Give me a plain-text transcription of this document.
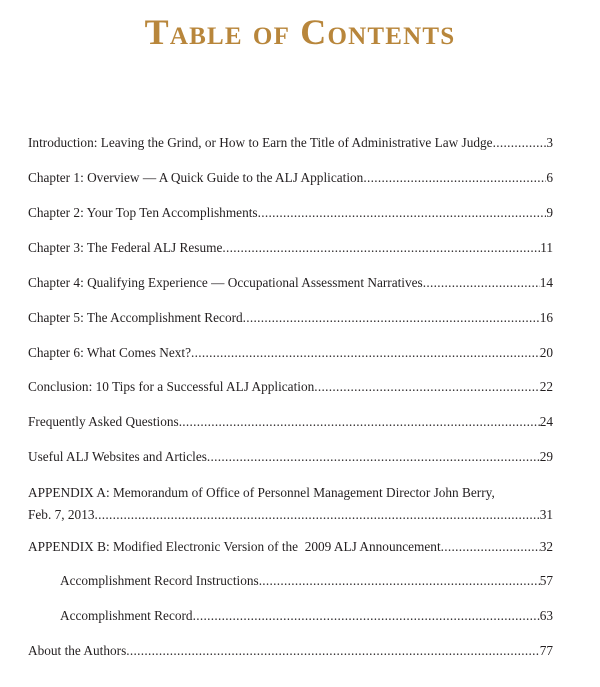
Table of Contents
Introduction: Leaving the Grind, or How to Earn the Title of Administrative Law Judge .....	3
Chapter 1: Overview — A Quick Guide to the ALJ Application .....	6
Chapter 2: Your Top Ten Accomplishments .....	9
Chapter 3: The Federal ALJ Resume .....	11
Chapter 4: Qualifying Experience — Occupational Assessment Narratives .....	14
Chapter 5: The Accomplishment Record .....	16
Chapter 6: What Comes Next? .....	20
Conclusion: 10 Tips for a Successful ALJ Application .....	22
Frequently Asked Questions .....	24
Useful ALJ Websites and Articles .....	29
APPENDIX A: Memorandum of Office of Personnel Management Director John Berry,
Feb. 7, 2013 .....	31
APPENDIX B: Modified Electronic Version of the  2009 ALJ Announcement .....	32
Accomplishment Record Instructions .....	57
Accomplishment Record .....	63
About the Authors .....	77
